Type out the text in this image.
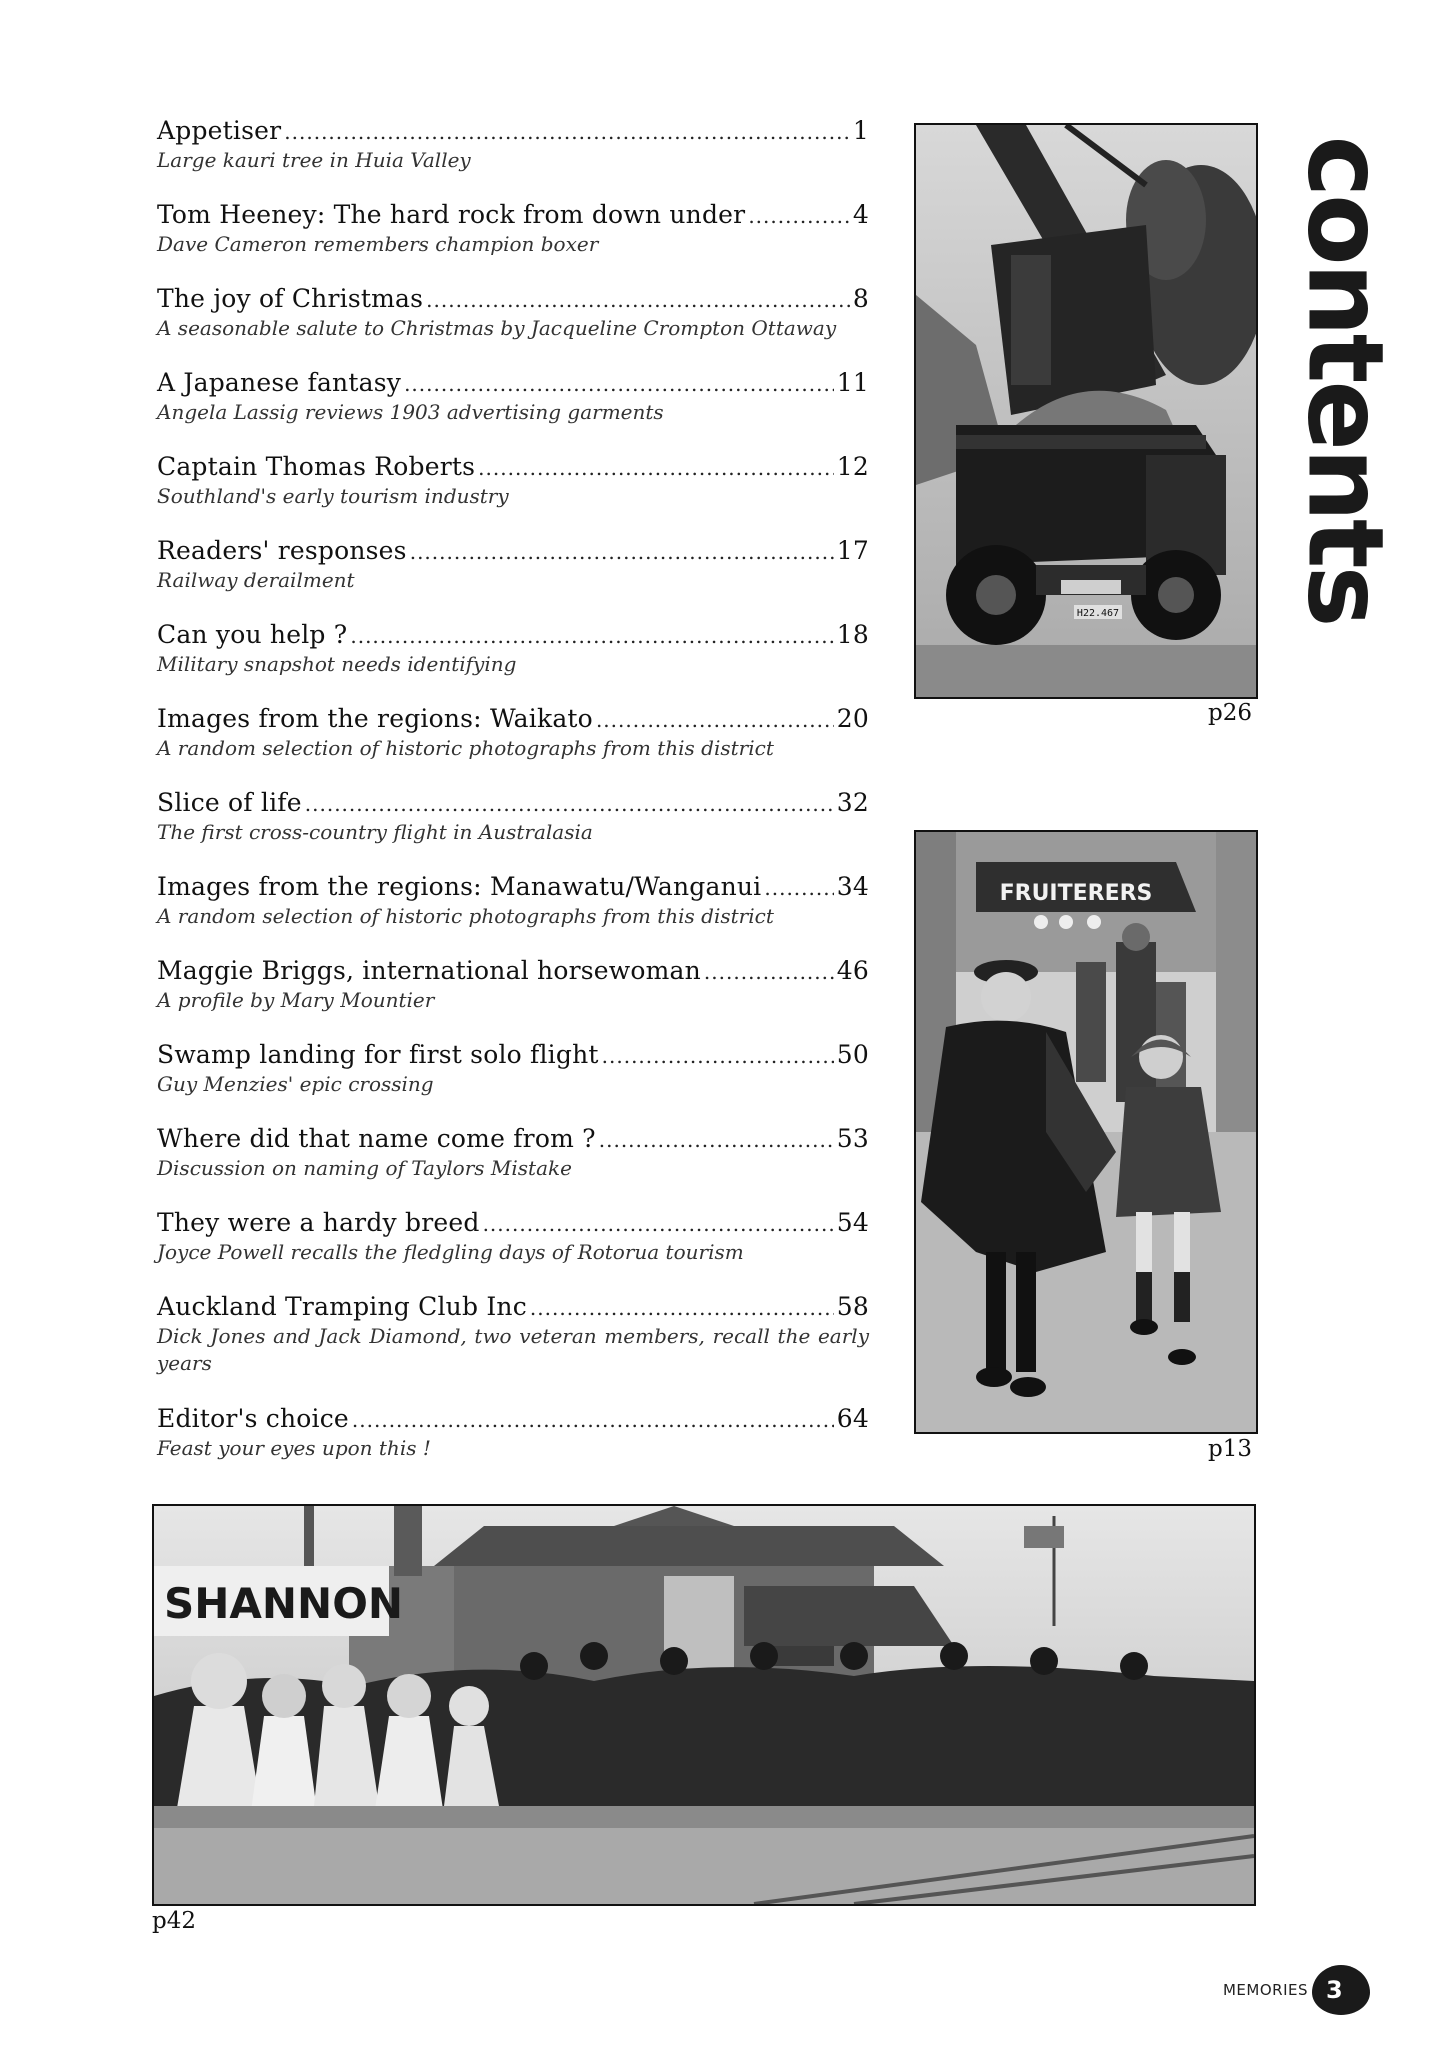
Appetiser .....	1
Large kauri tree in Huia Valley
Tom Heeney: The hard rock from down under .....	4
Dave Cameron remembers champion boxer
The joy of Christmas .....	8
A seasonable salute to Christmas by Jacqueline Crompton Ottaway
A Japanese fantasy .....	11
Angela Lassig reviews 1903 advertising garments
Captain Thomas Roberts .....	12
Southland's early tourism industry
Readers' responses .....	17
Railway derailment
Can you help ? .....	18
Military snapshot needs identifying
Images from the regions: Waikato .....	20
A random selection of historic photographs from this district
Slice of life .....	32
The first cross-country flight in Australasia
Images from the regions: Manawatu/Wanganui .....	34
A random selection of historic photographs from this district
Maggie Briggs, international horsewoman .....	46
A profile by Mary Mountier
Swamp landing for first solo flight .....	50
Guy Menzies' epic crossing
Where did that name come from ? .....	53
Discussion on naming of Taylors Mistake
They were a hardy breed .....	54
Joyce Powell recalls the fledgling days of Rotorua tourism
Auckland Tramping Club Inc .....	58
Dick Jones and Jack Diamond, two veteran members, recall the early years
Editor's choice .....	64
Feast your eyes upon this !
contents
H22.467
p26
FRUITERERS
p13
SHANNON
p42
MEMORIES 3
